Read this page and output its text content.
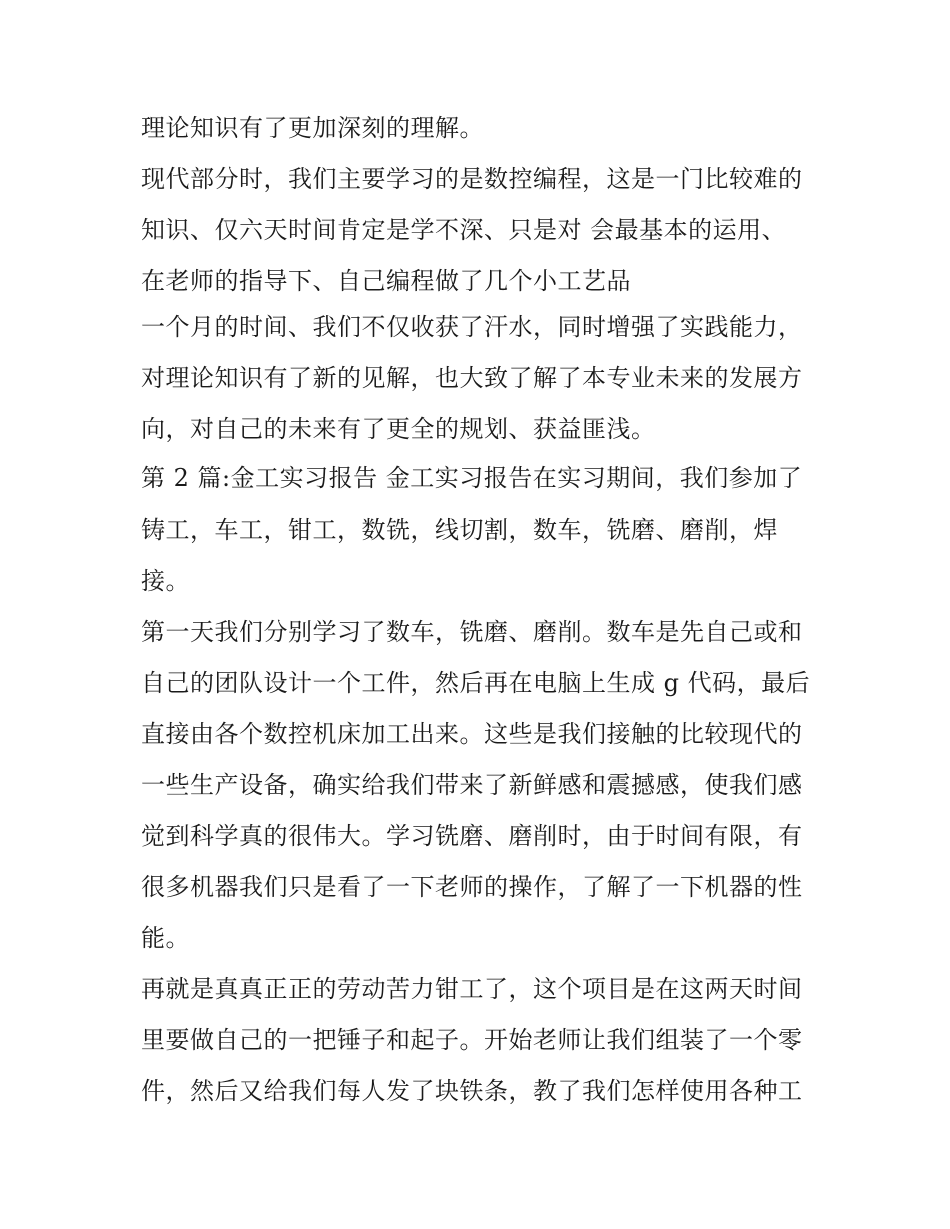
理论知识有了更加深刻的理解。
现代部分时，我们主要学习的是数控编程，这是一门比较难的
知识、仅六天时间肯定是学不深、只是对 会最基本的运用、
在老师的指导下、自己编程做了几个小工艺品
一个月的时间、我们不仅收获了汗水，同时增强了实践能力，
对理论知识有了新的见解，也大致了解了本专业未来的发展方
向，对自己的未来有了更全的规划、获益匪浅。
第 2 篇:金工实习报告 金工实习报告在实习期间，我们参加了
铸工，车工，钳工，数铣，线切割，数车，铣磨、磨削，焊
接。
第一天我们分别学习了数车，铣磨、磨削。数车是先自己或和
自己的团队设计一个工件，然后再在电脑上生成 g 代码，最后
直接由各个数控机床加工出来。这些是我们接触的比较现代的
一些生产设备，确实给我们带来了新鲜感和震撼感，使我们感
觉到科学真的很伟大。学习铣磨、磨削时，由于时间有限，有
很多机器我们只是看了一下老师的操作，了解了一下机器的性
能。
再就是真真正正的劳动苦力钳工了，这个项目是在这两天时间
里要做自己的一把锤子和起子。开始老师让我们组装了一个零
件，然后又给我们每人发了块铁条，教了我们怎样使用各种工
